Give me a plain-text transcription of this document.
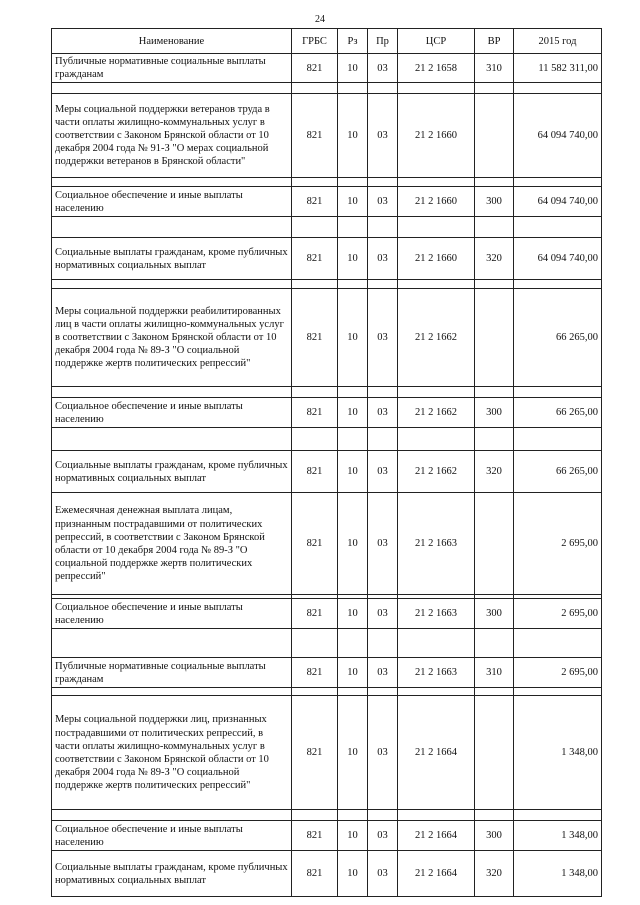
24
Наименование	ГРБС	Рз	Пр	ЦСР	ВР	2015 год
Публичные нормативные социальные выплаты гражданам	821	10	03	21 2 1658	310	11 582 311,00

Меры социальной поддержки ветеранов труда в части оплаты жилищно-коммунальных услуг в соответствии с Законом Брянской области от 10 декабря 2004 года № 91-З "О мерах социальной поддержки ветеранов в Брянской области"	821	10	03	21 2 1660		64 094 740,00

Социальное обеспечение и иные выплаты населению	821	10	03	21 2 1660	300	64 094 740,00

Социальные выплаты гражданам, кроме публичных нормативных социальных выплат	821	10	03	21 2 1660	320	64 094 740,00

Меры социальной поддержки реабилитированных лиц в части оплаты жилищно-коммунальных услуг в соответствии с Законом Брянской области от 10 декабря 2004 года № 89-З "О социальной поддержке жертв политических репрессий"	821	10	03	21 2 1662		66 265,00

Социальное обеспечение и иные выплаты населению	821	10	03	21 2 1662	300	66 265,00

Социальные выплаты гражданам, кроме публичных нормативных социальных выплат	821	10	03	21 2 1662	320	66 265,00
Ежемесячная денежная выплата лицам, признанным пострадавшими от политических репрессий, в соответствии с Законом Брянской области от 10 декабря 2004 года № 89-З "О социальной поддержке жертв политических репрессий"	821	10	03	21 2 1663		2 695,00

Социальное обеспечение и иные выплаты населению	821	10	03	21 2 1663	300	2 695,00

Публичные нормативные социальные выплаты гражданам	821	10	03	21 2 1663	310	2 695,00

Меры социальной поддержки лиц, признанных пострадавшими от политических репрессий, в части оплаты жилищно-коммунальных услуг в соответствии с Законом Брянской области от 10 декабря 2004 года № 89-З "О социальной поддержке жертв политических репрессий"	821	10	03	21 2 1664		1 348,00

Социальное обеспечение и иные выплаты населению	821	10	03	21 2 1664	300	1 348,00
Социальные выплаты гражданам, кроме публичных нормативных социальных выплат	821	10	03	21 2 1664	320	1 348,00
